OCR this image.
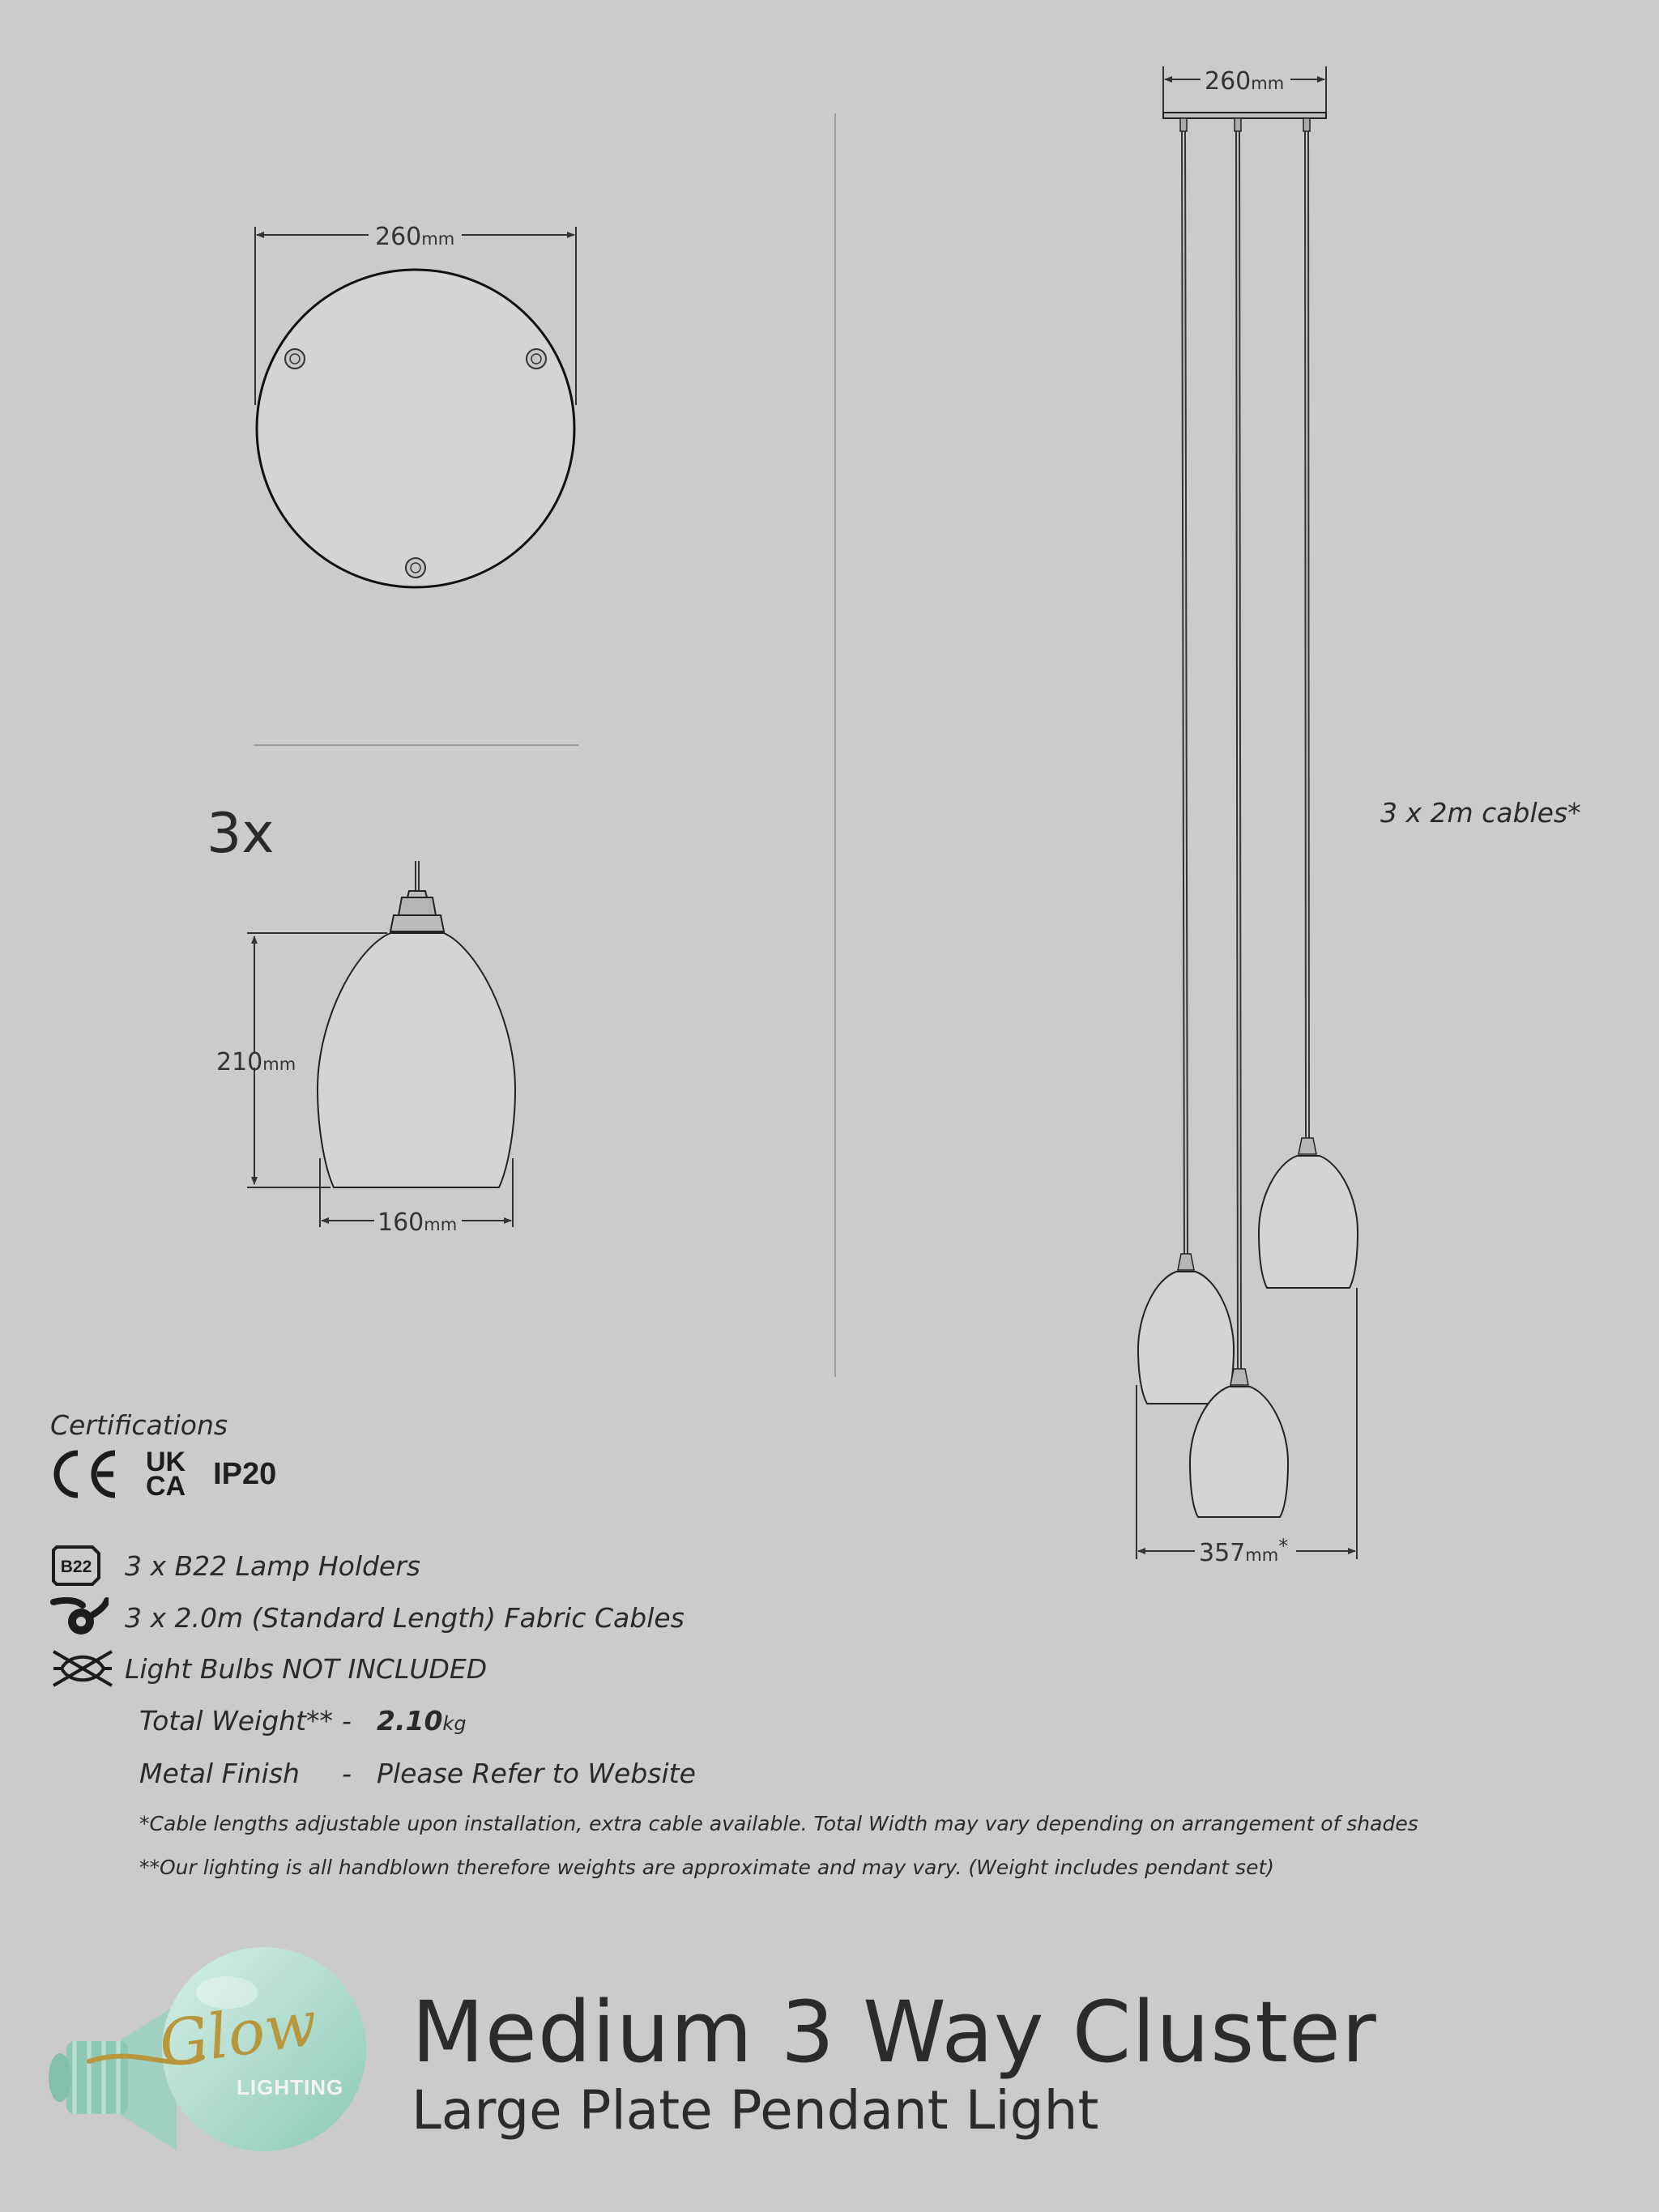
260mm
210mm
160mm
260mm
357mm*
Glow
LIGHTING
3x	3 x 2m cables*
Certifications
UK
CA IP20
B22 3 x B22 Lamp Holders
3 x 2.0m (Standard Length) Fabric Cables
Light Bulbs NOT INCLUDED
Total Weight** - 2.10kg
Metal Finish - Please Refer to Website
*Cable lengths adjustable upon installation, extra cable available. Total Width may vary depending on arrangement of shades
**Our lighting is all handblown therefore weights are approximate and may vary. (Weight includes pendant set)
Medium 3 Way Cluster
Large Plate Pendant Light
